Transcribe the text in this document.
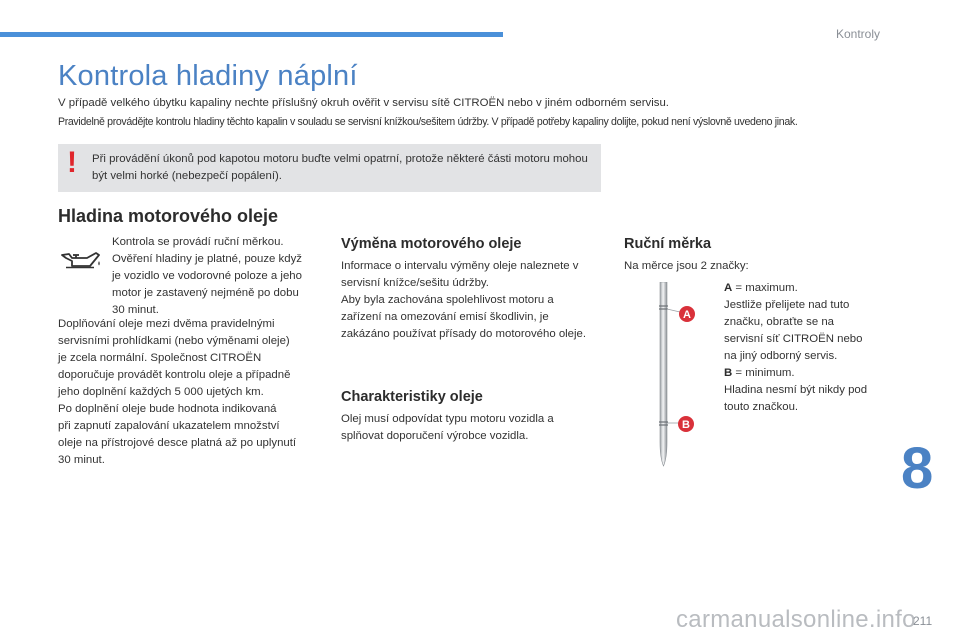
Kontroly
Kontrola hladiny náplní
V případě velkého úbytku kapaliny nechte příslušný okruh ověřit v servisu sítě CITROËN nebo v jiném odborném servisu.
Pravidelně provádějte kontrolu hladiny těchto kapalin v souladu se servisní knížkou/sešitem údržby. V případě potřeby kapaliny dolijte, pokud není výslovně uvedeno jinak.
! Při provádění úkonů pod kapotou motoru buďte velmi opatrní, protože některé části motoru mohou být velmi horké (nebezpečí popálení).
Hladina motorového oleje
Kontrola se provádí ruční měrkou.
Ověření hladiny je platné, pouze když
je vozidlo ve vodorovné poloze a jeho
motor je zastavený nejméně po dobu
30 minut.
Doplňování oleje mezi dvěma pravidelnými
servisními prohlídkami (nebo výměnami oleje)
je zcela normální. Společnost CITROËN
doporučuje provádět kontrolu oleje a případně
jeho doplnění každých 5 000 ujetých km.
Po doplnění oleje bude hodnota indikovaná
při zapnutí zapalování ukazatelem množství
oleje na přístrojové desce platná až po uplynutí
30 minut.
Výměna motorového oleje
Informace o intervalu výměny oleje naleznete v
servisní knížce/sešitu údržby.
Aby byla zachována spolehlivost motoru a
zařízení na omezování emisí škodlivin, je
zakázáno používat přísady do motorového oleje.
Charakteristiky oleje
Olej musí odpovídat typu motoru vozidla a
splňovat doporučení výrobce vozidla.
Ruční měrka
Na měrce jsou 2 značky:
A
B
A = maximum.
Jestliže přelijete nad tuto
značku, obraťte se na
servisní síť CITROËN nebo
na jiný odborný servis.
B = minimum.
Hladina nesmí být nikdy pod
touto značkou.
8
carmanualsonline.info
211
